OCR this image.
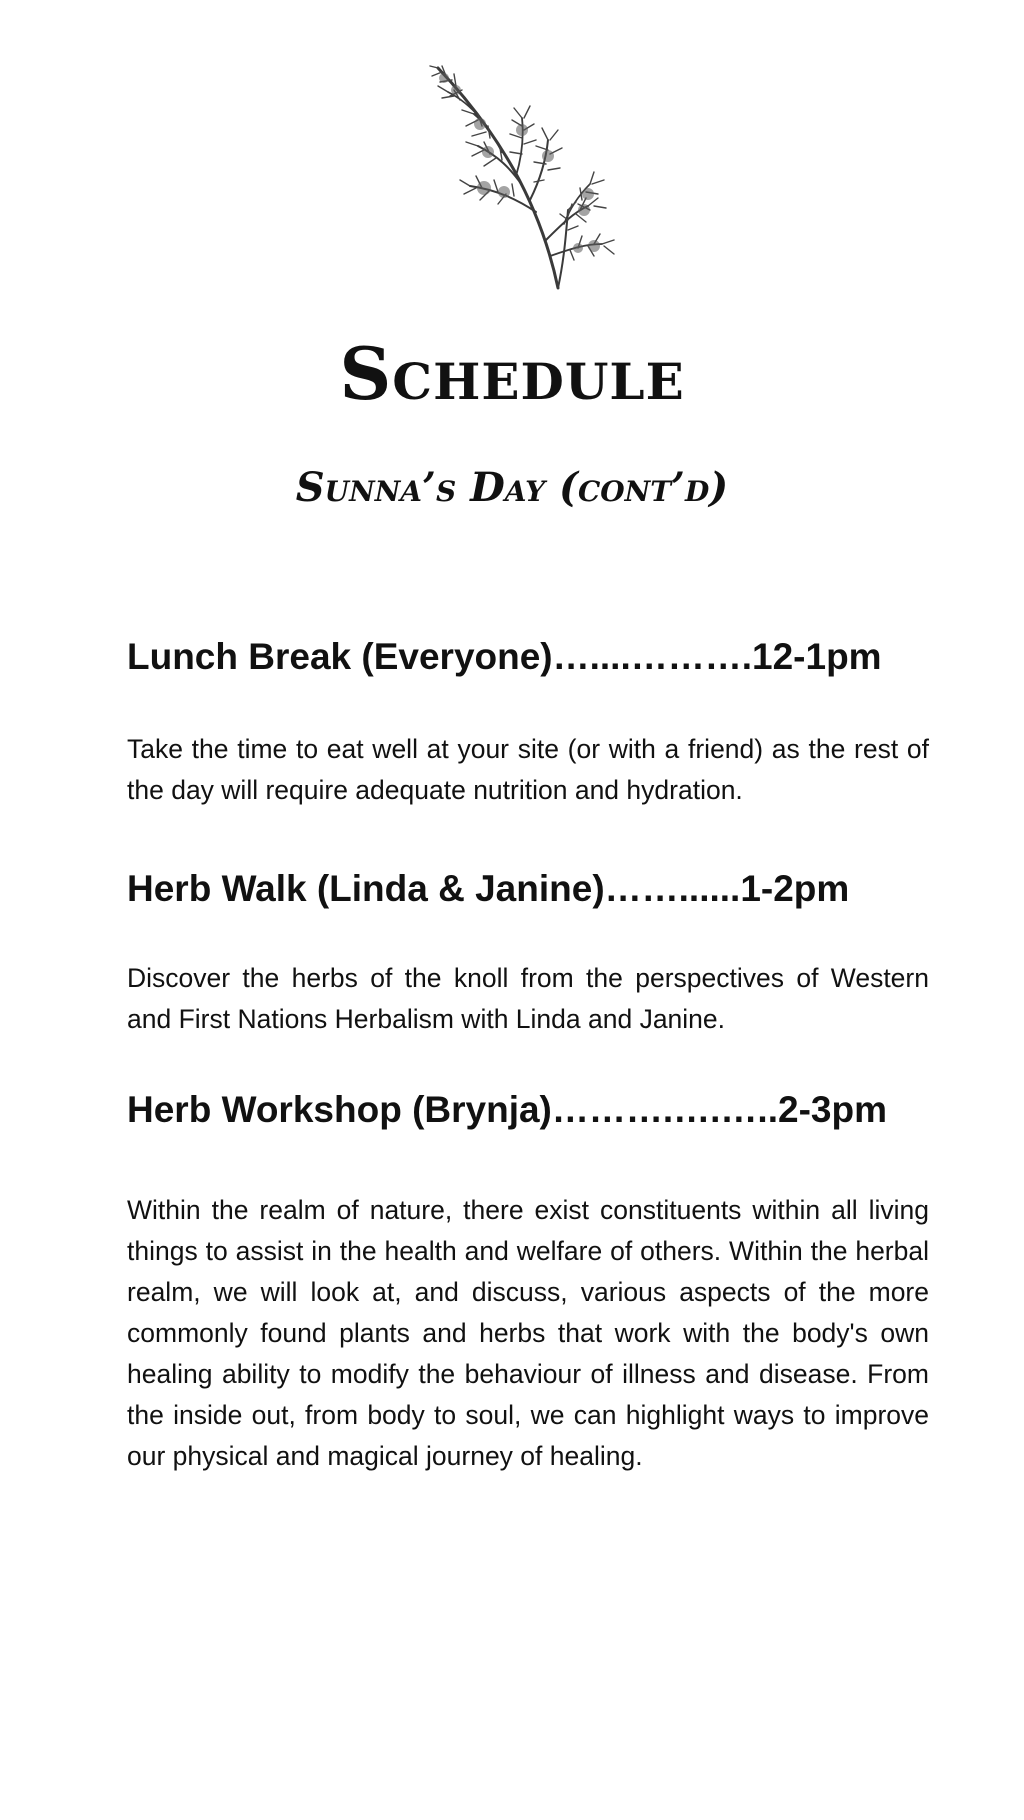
Schedule
Sunna’s Day (cont’d)
Lunch Break (Everyone)…....……….12-1pm

Take the time to eat well at your site (or with a friend) as the rest of the day will require adequate nutrition and hydration.

Herb Walk (Linda & Janine)……......1-2pm

Discover the herbs of the knoll from the perspectives of Western and First Nations Herbalism with Linda and Janine.

Herb Workshop (Brynja)……….….…..2-3pm

Within the realm of nature, there exist constituents within all living things to assist in the health and welfare of others. Within the herbal realm, we will look at, and discuss, various aspects of the more commonly found plants and herbs that work with the body's own healing ability to modify the behaviour of illness and disease. From the inside out, from body to soul, we can highlight ways to improve our physical and magical journey of healing.
